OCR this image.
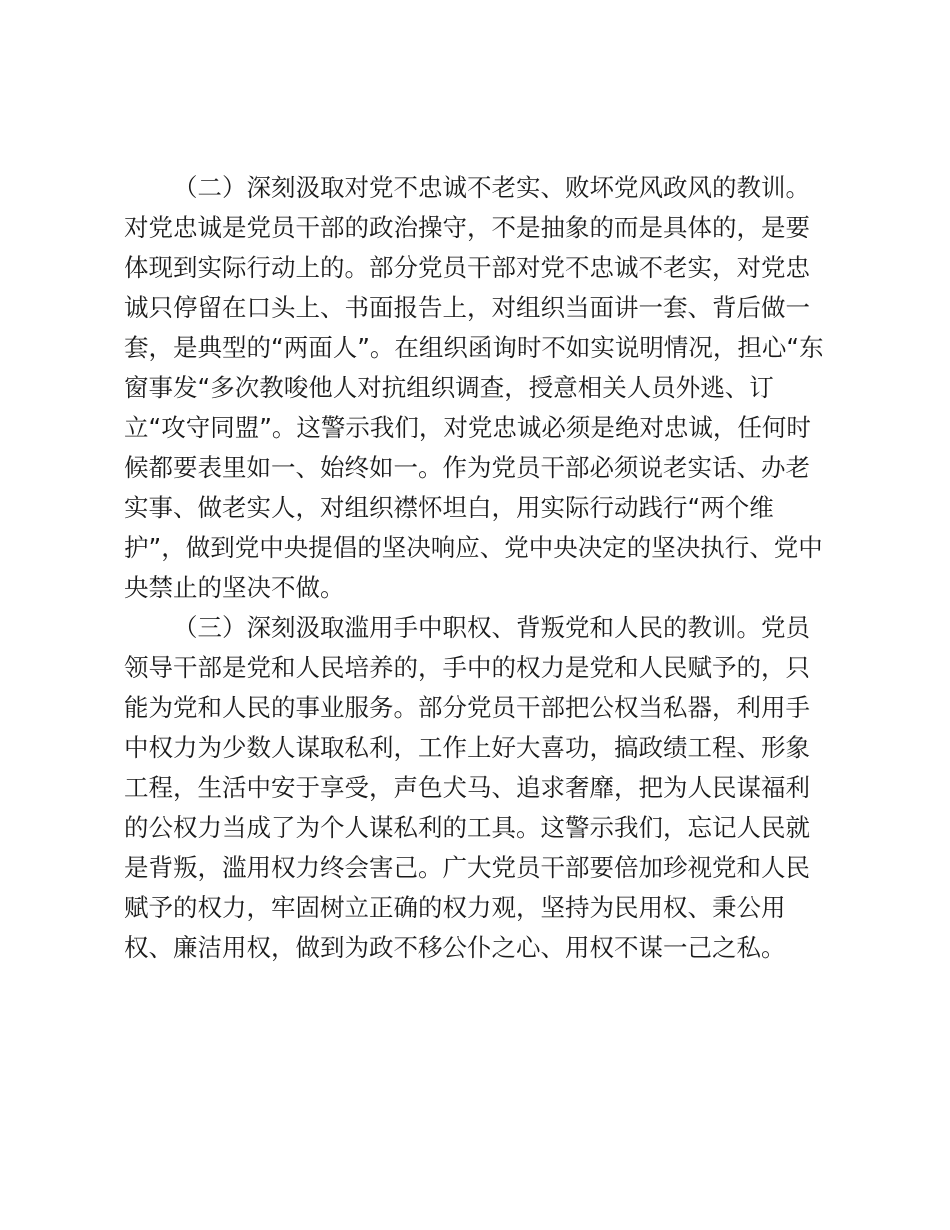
（二）深刻汲取对党不忠诚不老实、败坏党风政风的教训。
对党忠诚是党员干部的政治操守，不是抽象的而是具体的，是要
体现到实际行动上的。部分党员干部对党不忠诚不老实，对党忠
诚只停留在口头上、书面报告上，对组织当面讲一套、背后做一
套，是典型的“两面人”。在组织函询时不如实说明情况，担心“东
窗事发“多次教唆他人对抗组织调查，授意相关人员外逃、订
立“攻守同盟”。这警示我们，对党忠诚必须是绝对忠诚，任何时
候都要表里如一、始终如一。作为党员干部必须说老实话、办老
实事、做老实人，对组织襟怀坦白，用实际行动践行“两个维
护”，做到党中央提倡的坚决响应、党中央决定的坚决执行、党中
央禁止的坚决不做。
（三）深刻汲取滥用手中职权、背叛党和人民的教训。党员
领导干部是党和人民培养的，手中的权力是党和人民赋予的，只
能为党和人民的事业服务。部分党员干部把公权当私器，利用手
中权力为少数人谋取私利，工作上好大喜功，搞政绩工程、形象
工程，生活中安于享受，声色犬马、追求奢靡，把为人民谋福利
的公权力当成了为个人谋私利的工具。这警示我们，忘记人民就
是背叛，滥用权力终会害己。广大党员干部要倍加珍视党和人民
赋予的权力，牢固树立正确的权力观，坚持为民用权、秉公用
权、廉洁用权，做到为政不移公仆之心、用权不谋一己之私。
